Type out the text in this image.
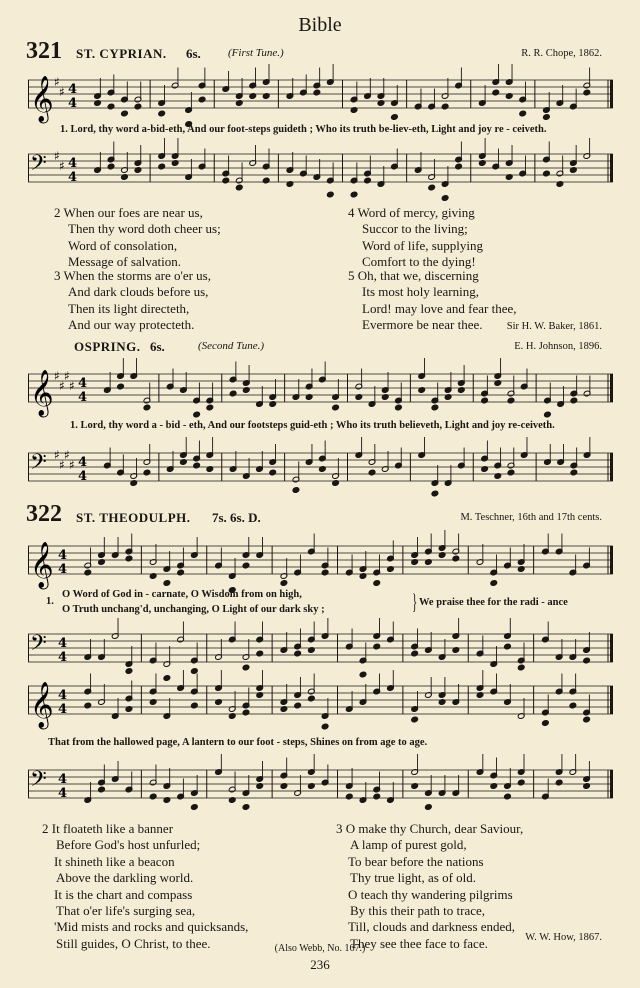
Bible
321 ST. CYPRIAN. 6s. (First Tune.)	R. R. Chope, 1862.
𝄞 ♯
♯ 4
4
1. Lord, thy word a-bid-eth, And our foot-steps guideth ; Who its truth be-liev-eth, Light and joy re - ceiveth.
𝄢 ♯
♯ 4
4
2 When our foes are near us,
Then thy word doth cheer us;
Word of consolation,
Message of salvation.
3 When the storms are o'er us,
And dark clouds before us,
Then its light directeth,
And our way protecteth.
4 Word of mercy, giving
Succor to the living;
Word of life, supplying
Comfort to the dying!
5 Oh, that we, discerning
Its most holy learning,
Lord! may love and fear thee,
Evermore be near thee.	Sir H. W. Baker, 1861.
OSPRING. 6s.	(Second Tune.)	E. H. Johnson, 1896.
𝄞 ♯
♯
♯
♯ 4
4
1. Lord, thy word a - bid - eth, And our footsteps guid-eth ; Who its truth believeth, Light and joy re-ceiveth.
𝄢 ♯
♯
♯
♯ 4
4
322 ST. THEODULPH. 7s. 6s. D.	M. Teschner, 16th and 17th cents.
𝄞 4
4
1.
O Word of God in - carnate, O Wisdom from on high,
O Truth unchang'd, unchanging, O Light of our dark sky ;	} We praise thee for the radi - ance
𝄢 4
4
𝄞 4
4
That from the hallowed page, A lantern to our foot - steps, Shines on from age to age.
𝄢 4
4
2 It floateth like a banner
Before God's host unfurled;
It shineth like a beacon
Above the darkling world.
It is the chart and compass
That o'er life's surging sea,
'Mid mists and rocks and quicksands,
Still guides, O Christ, to thee.
3 O make thy Church, dear Saviour,
A lamp of purest gold,
To bear before the nations
Thy true light, as of old.
O teach thy wandering pilgrims
By this their path to trace,
Till, clouds and darkness ended,
They see thee face to face.	W. W. How, 1867.
(Also Webb, No. 167.)
236
